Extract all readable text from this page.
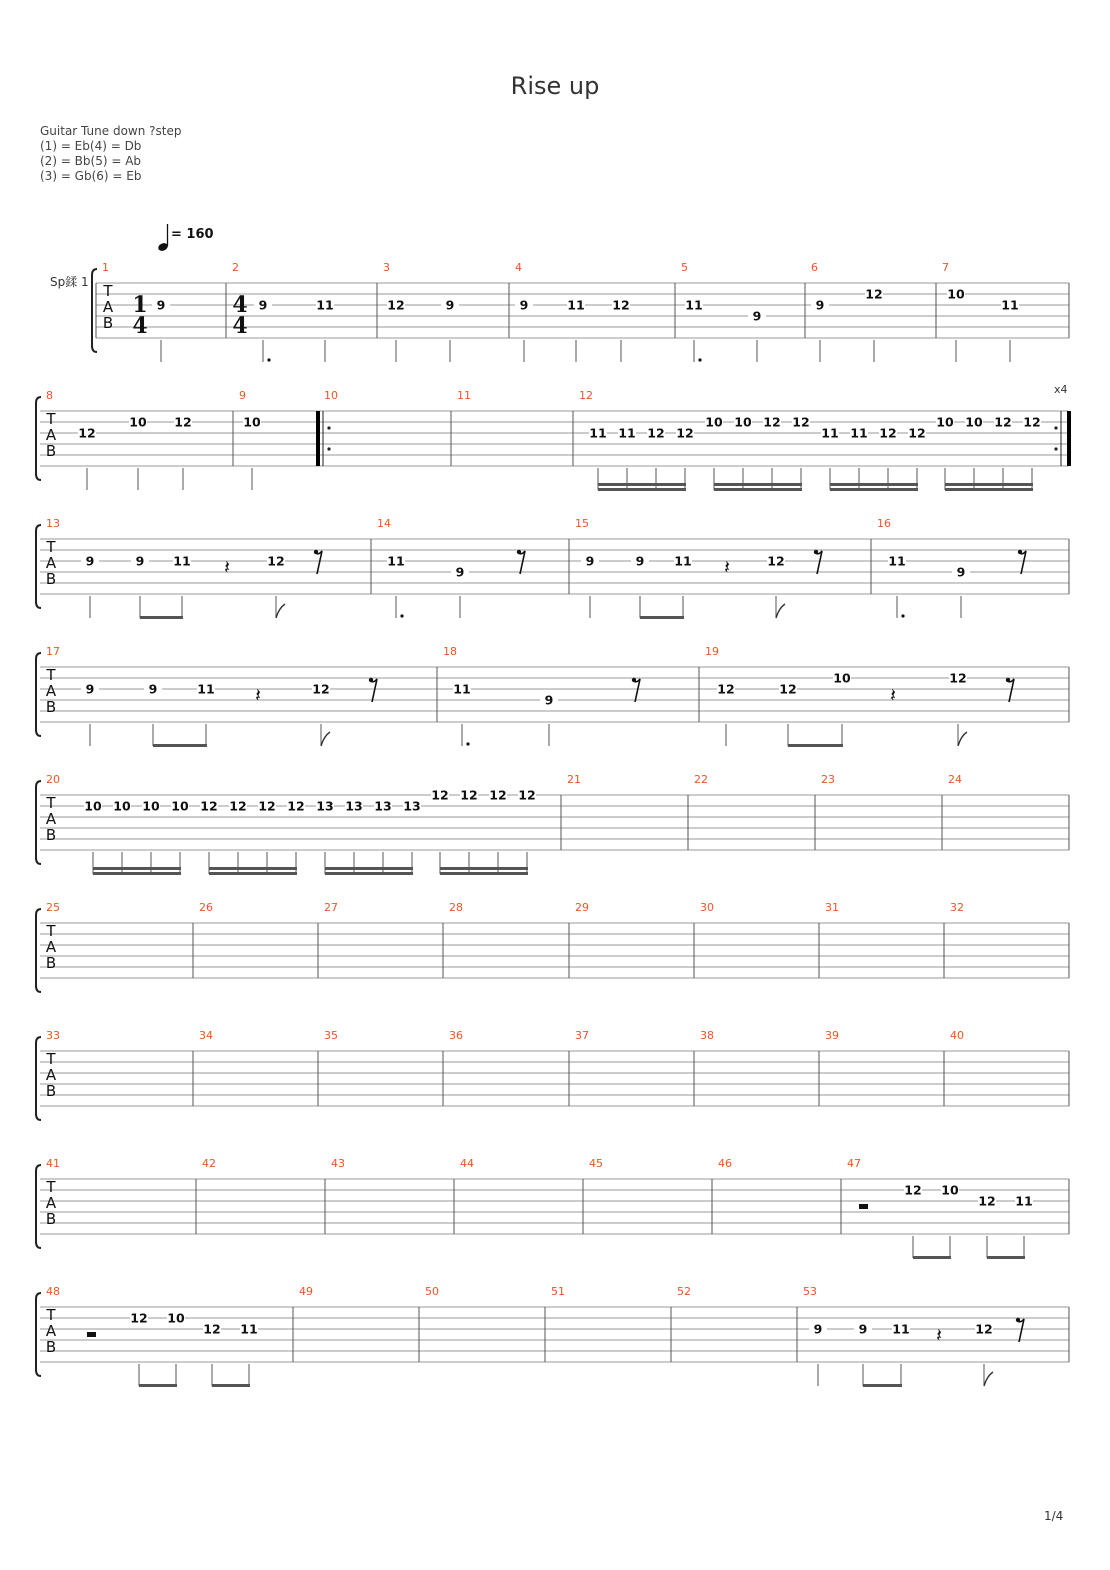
Rise up
Guitar Tune down ?step
(1) = Eb(4) = Db
(2) = Bb(5) = Ab
(3) = Gb(6) = Eb
T
A
B
1
9
2
9	11
3
12	9
4
9	11 12
5
11
9
6
9
12
7
10
11
T
A
B
8
12
10 12
9
10
10	11	12	x4
11 11 12 12
10 10 12 12
11 11 12 12
10 10 12 12
T
A
B
13
9	9 11 𝄽	12
14
11
9
15
9	9 11 𝄽	12
16
11
9
T
A
B
17
9	9	11 𝄽	12
18
11
9
19
12	12
10
𝄽
12
T
A
B
20
10 10 10 10 12 12 12 12 13 13 13 13
12 12 12 12
21	22	23	24
T
A
B
25	26	27	28	29	30	31	32
T
A
B
33	34	35	36	37	38	39	40
T
A
B
41	42	43	44	45	46	47
12 10
12 11
T
A
B
48
12 10
12 11
49	50	51	52	53
9	9 11 𝄽	12
1
4
4
4
= 160
Sp鍒 1
1/4
